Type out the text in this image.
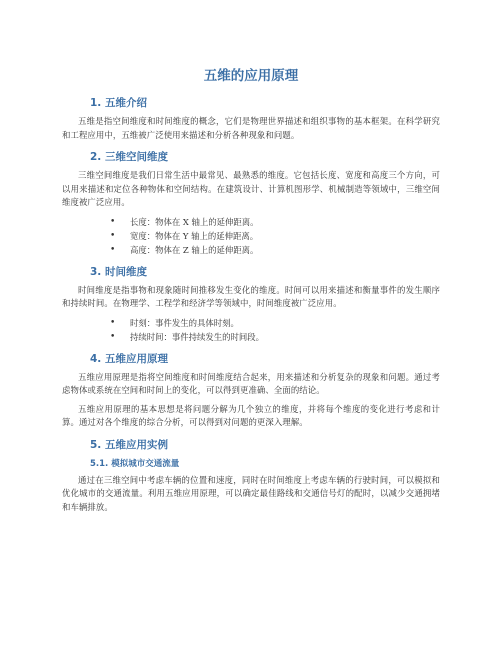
五维的应用原理
1. 五维介绍

五维是指空间维度和时间维度的概念，它们是物理世界描述和组织事物的基本框架。在科学研究和工程应用中，五维被广泛使用来描述和分析各种现象和问题。

2. 三维空间维度

三维空间维度是我们日常生活中最常见、最熟悉的维度。它包括长度、宽度和高度三个方向，可以用来描述和定位各种物体和空间结构。在建筑设计、计算机图形学、机械制造等领域中，三维空间维度被广泛应用。

• 长度：物体在 X 轴上的延伸距离。
• 宽度：物体在 Y 轴上的延伸距离。
• 高度：物体在 Z 轴上的延伸距离。
3. 时间维度

时间维度是指事物和现象随时间推移发生变化的维度。时间可以用来描述和衡量事件的发生顺序和持续时间。在物理学、工程学和经济学等领域中，时间维度被广泛应用。

• 时刻：事件发生的具体时刻。
• 持续时间：事件持续发生的时间段。
4. 五维应用原理

五维应用原理是指将空间维度和时间维度结合起来，用来描述和分析复杂的现象和问题。通过考虑物体或系统在空间和时间上的变化，可以得到更准确、全面的结论。

五维应用原理的基本思想是将问题分解为几个独立的维度，并将每个维度的变化进行考虑和计算。通过对各个维度的综合分析，可以得到对问题的更深入理解。

5. 五维应用实例
5.1. 模拟城市交通流量

通过在三维空间中考虑车辆的位置和速度，同时在时间维度上考虑车辆的行驶时间，可以模拟和优化城市的交通流量。利用五维应用原理，可以确定最佳路线和交通信号灯的配时，以减少交通拥堵和车辆排放。
